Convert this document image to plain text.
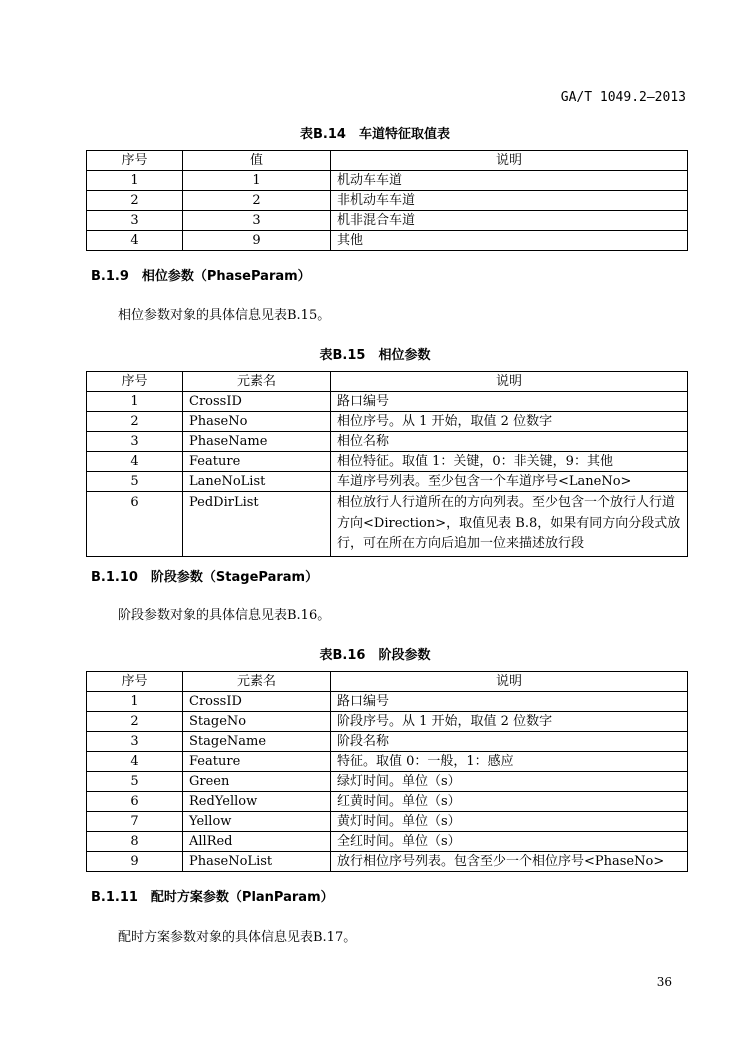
GA/T 1049.2—2013
表B.14　车道特征取值表
序号	值	说明
1	1	机动车车道
2	2	非机动车车道
3	3	机非混合车道
4	9	其他
B.1.9　相位参数（PhaseParam）
相位参数对象的具体信息见表B.15。
表B.15　相位参数
序号	元素名	说明
1	CrossID	路口编号
2	PhaseNo	相位序号。从 1 开始，取值 2 位数字
3	PhaseName	相位名称
4	Feature	相位特征。取值 1：关键，0：非关键，9：其他
5	LaneNoList	车道序号列表。至少包含一个车道序号<LaneNo>
6	PedDirList	相位放行人行道所在的方向列表。至少包含一个放行人行道方向<Direction>，取值见表 B.8，如果有同方向分段式放行，可在所在方向后追加一位来描述放行段
B.1.10　阶段参数（StageParam）
阶段参数对象的具体信息见表B.16。
表B.16　阶段参数
序号	元素名	说明
1	CrossID	路口编号
2	StageNo	阶段序号。从 1 开始，取值 2 位数字
3	StageName	阶段名称
4	Feature	特征。取值 0：一般，1：感应
5	Green	绿灯时间。单位（s）
6	RedYellow	红黄时间。单位（s）
7	Yellow	黄灯时间。单位（s）
8	AllRed	全红时间。单位（s）
9	PhaseNoList	放行相位序号列表。包含至少一个相位序号<PhaseNo>
B.1.11　配时方案参数（PlanParam）
配时方案参数对象的具体信息见表B.17。
36
